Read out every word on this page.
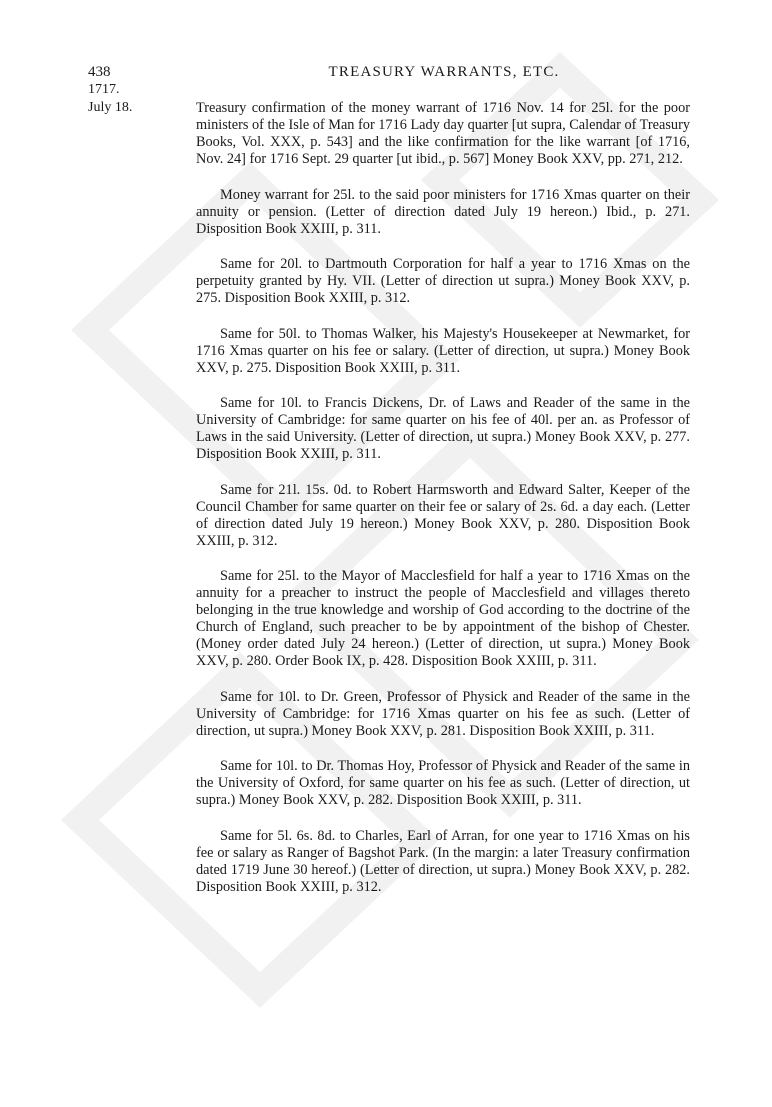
438	TREASURY WARRANTS, ETC.
1717.
July 18.	Treasury confirmation of the money warrant of 1716 Nov. 14 for 25l. for the poor ministers of the Isle of Man for 1716 Lady day quarter [ut supra, Calendar of Treasury Books, Vol. XXX, p. 543] and the like confirmation for the like warrant [of 1716, Nov. 24] for 1716 Sept. 29 quarter [ut ibid., p. 567] Money Book XXV, pp. 271, 212.

Money warrant for 25l. to the said poor ministers for 1716 Xmas quarter on their annuity or pension. (Letter of direction dated July 19 hereon.) Ibid., p. 271. Disposition Book XXIII, p. 311.

Same for 20l. to Dartmouth Corporation for half a year to 1716 Xmas on the perpetuity granted by Hy. VII. (Letter of direction ut supra.) Money Book XXV, p. 275. Disposition Book XXIII, p. 312.

Same for 50l. to Thomas Walker, his Majesty's Housekeeper at Newmarket, for 1716 Xmas quarter on his fee or salary. (Letter of direction, ut supra.) Money Book XXV, p. 275. Disposition Book XXIII, p. 311.

Same for 10l. to Francis Dickens, Dr. of Laws and Reader of the same in the University of Cambridge: for same quarter on his fee of 40l. per an. as Professor of Laws in the said University. (Letter of direction, ut supra.) Money Book XXV, p. 277. Disposition Book XXIII, p. 311.

Same for 21l. 15s. 0d. to Robert Harmsworth and Edward Salter, Keeper of the Council Chamber for same quarter on their fee or salary of 2s. 6d. a day each. (Letter of direction dated July 19 hereon.) Money Book XXV, p. 280. Disposition Book XXIII, p. 312.

Same for 25l. to the Mayor of Macclesfield for half a year to 1716 Xmas on the annuity for a preacher to instruct the people of Macclesfield and villages thereto belonging in the true knowledge and worship of God according to the doctrine of the Church of England, such preacher to be by appointment of the bishop of Chester. (Money order dated July 24 hereon.) (Letter of direction, ut supra.) Money Book XXV, p. 280. Order Book IX, p. 428. Disposition Book XXIII, p. 311.

Same for 10l. to Dr. Green, Professor of Physick and Reader of the same in the University of Cambridge: for 1716 Xmas quarter on his fee as such. (Letter of direction, ut supra.) Money Book XXV, p. 281. Disposition Book XXIII, p. 311.

Same for 10l. to Dr. Thomas Hoy, Professor of Physick and Reader of the same in the University of Oxford, for same quarter on his fee as such. (Letter of direction, ut supra.) Money Book XXV, p. 282. Disposition Book XXIII, p. 311.

Same for 5l. 6s. 8d. to Charles, Earl of Arran, for one year to 1716 Xmas on his fee or salary as Ranger of Bagshot Park. (In the margin: a later Treasury confirmation dated 1719 June 30 hereof.) (Letter of direction, ut supra.) Money Book XXV, p. 282. Disposition Book XXIII, p. 312.
